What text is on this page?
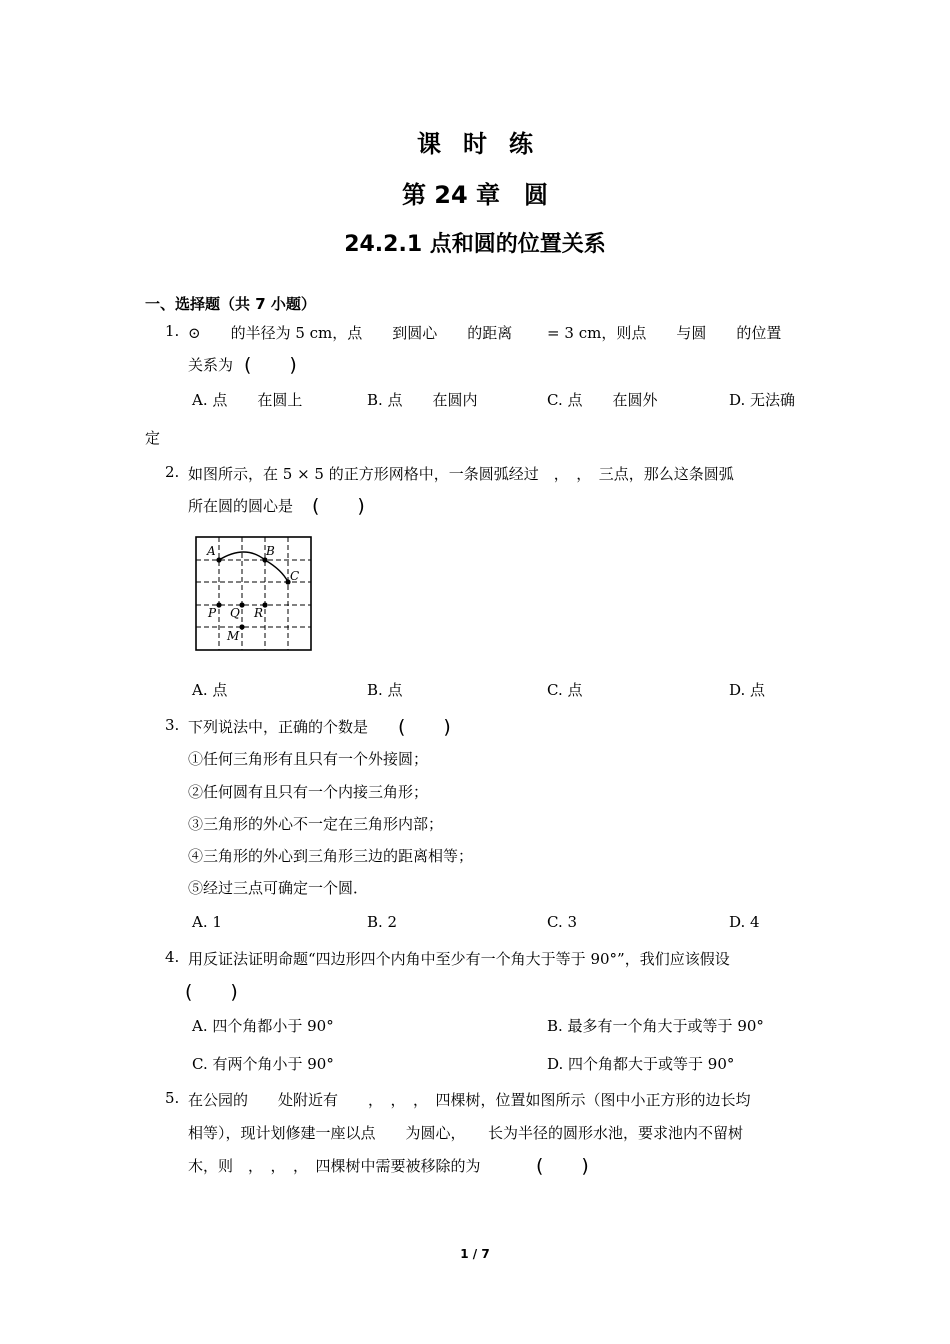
课时练
第 24 章　圆
24.2.1 点和圆的位置关系
一、选择题（共 7 小题）
1. ⊙　　的半径为 5 cm，点　　到圆心　　的距离　　 = 3 cm，则点　　与圆　　的位置
关系为 (　　)
A. 点　　在圆上	B. 点　　在圆内	C. 点　　在圆外	D. 无法确
定
2. 如图所示，在 5 × 5 的正方形网格中，一条圆弧经过　，　，　三点，那么这条圆弧
所在圆的圆心是 (　　)
A	B
C
P Q R
M
A. 点	B. 点	C. 点	D. 点
3. 下列说法中，正确的个数是 (　　)
①任何三角形有且只有一个外接圆；
②任何圆有且只有一个内接三角形；
③三角形的外心不一定在三角形内部；
④三角形的外心到三角形三边的距离相等；
⑤经过三点可确定一个圆．
A. 1	B. 2	C. 3	D. 4
4. 用反证法证明命题“四边形四个内角中至少有一个角大于等于 90°”，我们应该假设
(　　)
A. 四个角都小于 90°	B. 最多有一个角大于或等于 90°
C. 有两个角小于 90°	D. 四个角都大于或等于 90°
5. 在公园的　　处附近有　　，　，　，　四棵树，位置如图所示（图中小正方形的边长均
相等），现计划修建一座以点　　为圆心，　　长为半径的圆形水池，要求池内不留树
木，则　，　，　，　四棵树中需要被移除的为	(　　)
1 / 7
